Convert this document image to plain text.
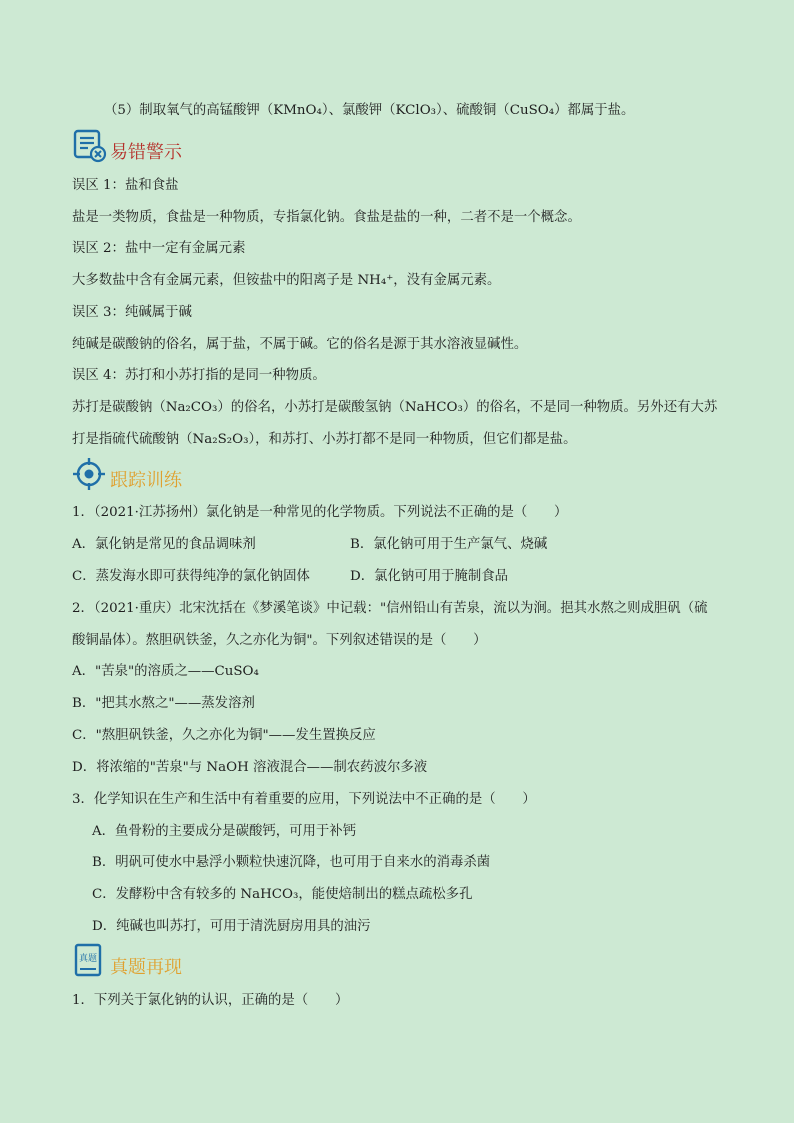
（5）制取氧气的高锰酸钾（KMnO₄）、氯酸钾（KClO₃）、硫酸铜（CuSO₄）都属于盐。
易错警示
误区 1：盐和食盐
盐是一类物质，食盐是一种物质，专指氯化钠。食盐是盐的一种，二者不是一个概念。
误区 2：盐中一定有金属元素
大多数盐中含有金属元素，但铵盐中的阳离子是 NH₄⁺，没有金属元素。
误区 3：纯碱属于碱
纯碱是碳酸钠的俗名，属于盐，不属于碱。它的俗名是源于其水溶液显碱性。
误区 4：苏打和小苏打指的是同一种物质。
苏打是碳酸钠（Na₂CO₃）的俗名，小苏打是碳酸氢钠（NaHCO₃）的俗名，不是同一种物质。另外还有大苏
打是指硫代硫酸钠（Na₂S₂O₃），和苏打、小苏打都不是同一种物质，但它们都是盐。
跟踪训练
1．（2021·江苏扬州）氯化钠是一种常见的化学物质。下列说法不正确的是（　　）
A．氯化钠是常见的食品调味剂	B．氯化钠可用于生产氯气、烧碱
C．蒸发海水即可获得纯净的氯化钠固体	D．氯化钠可用于腌制食品
2．（2021·重庆）北宋沈括在《梦溪笔谈》中记载："信州铅山有苦泉，流以为涧。挹其水熬之则成胆矾（硫
酸铜晶体）。熬胆矾铁釜，久之亦化为铜"。下列叙述错误的是（　　）
A．"苦泉"的溶质之——CuSO₄
B．"把其水熬之"——蒸发溶剂
C．"熬胆矾铁釜，久之亦化为铜"——发生置换反应
D．将浓缩的"苦泉"与 NaOH 溶液混合——制农药波尔多液
3．化学知识在生产和生活中有着重要的应用，下列说法中不正确的是（　　）
A．鱼骨粉的主要成分是碳酸钙，可用于补钙
B．明矾可使水中悬浮小颗粒快速沉降，也可用于自来水的消毒杀菌
C．发酵粉中含有较多的 NaHCO₃，能使焙制出的糕点疏松多孔
D．纯碱也叫苏打，可用于清洗厨房用具的油污
真题 真题再现
1．下列关于氯化钠的认识，正确的是（　　）
